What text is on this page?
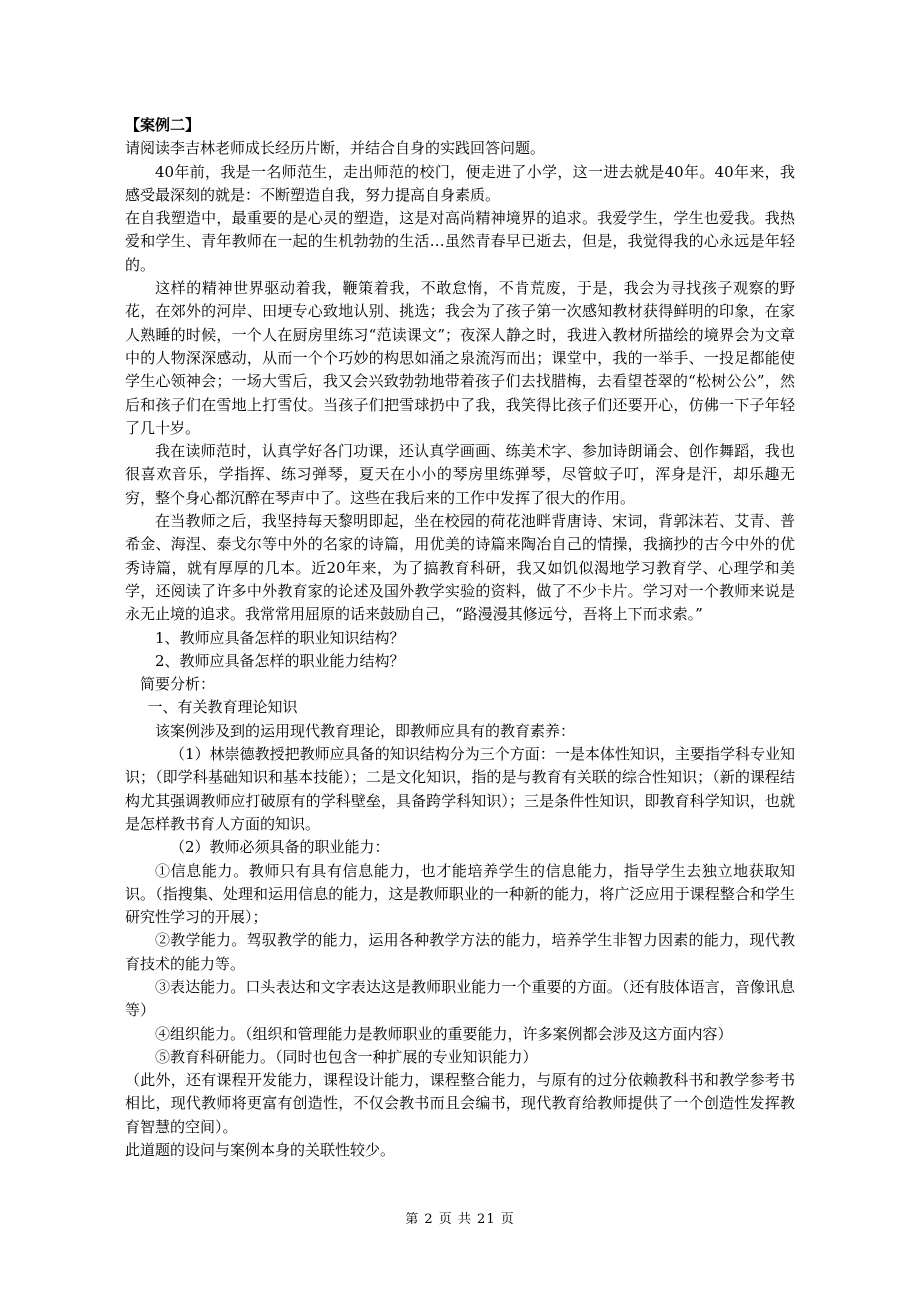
【案例二】

请阅读李吉林老师成长经历片断，并结合自身的实践回答问题。

40年前，我是一名师范生，走出师范的校门，便走进了小学，这一进去就是40年。40年来，我感受最深刻的就是：不断塑造自我，努力提高自身素质。

在自我塑造中，最重要的是心灵的塑造，这是对高尚精神境界的追求。我爱学生，学生也爱我。我热爱和学生、青年教师在一起的生机勃勃的生活…虽然青春早已逝去，但是，我觉得我的心永远是年轻的。

这样的精神世界驱动着我，鞭策着我，不敢怠惰，不肯荒废，于是，我会为寻找孩子观察的野花，在郊外的河岸、田埂专心致地认别、挑选；我会为了孩子第一次感知教材获得鲜明的印象，在家人熟睡的时候，一个人在厨房里练习“范读课文”；夜深人静之时，我进入教材所描绘的境界会为文章中的人物深深感动，从而一个个巧妙的构思如涌之泉流泻而出；课堂中，我的一举手、一投足都能使学生心领神会；一场大雪后，我又会兴致勃勃地带着孩子们去找腊梅，去看望苍翠的“松树公公”，然后和孩子们在雪地上打雪仗。当孩子们把雪球扔中了我，我笑得比孩子们还要开心，仿佛一下子年轻了几十岁。

我在读师范时，认真学好各门功课，还认真学画画、练美术字、参加诗朗诵会、创作舞蹈，我也很喜欢音乐，学指挥、练习弹琴，夏天在小小的琴房里练弹琴，尽管蚊子叮，浑身是汗，却乐趣无穷，整个身心都沉醉在琴声中了。这些在我后来的工作中发挥了很大的作用。

在当教师之后，我坚持每天黎明即起，坐在校园的荷花池畔背唐诗、宋词，背郭沫若、艾青、普希金、海涅、泰戈尔等中外的名家的诗篇，用优美的诗篇来陶冶自己的情操，我摘抄的古今中外的优秀诗篇，就有厚厚的几本。近20年来，为了搞教育科研，我又如饥似渴地学习教育学、心理学和美学，还阅读了许多中外教育家的论述及国外教学实验的资料，做了不少卡片。学习对一个教师来说是永无止境的追求。我常常用屈原的话来鼓励自己，“路漫漫其修远兮，吾将上下而求索。”

1、教师应具备怎样的职业知识结构？

2、教师应具备怎样的职业能力结构？

简要分析：

一、有关教育理论知识

该案例涉及到的运用现代教育理论，即教师应具有的教育素养：

（1）林崇德教授把教师应具备的知识结构分为三个方面：一是本体性知识，主要指学科专业知识；（即学科基础知识和基本技能）；二是文化知识，指的是与教育有关联的综合性知识；（新的课程结构尤其强调教师应打破原有的学科壁垒，具备跨学科知识）；三是条件性知识，即教育科学知识，也就是怎样教书育人方面的知识。

（2）教师必须具备的职业能力：

①信息能力。教师只有具有信息能力，也才能培养学生的信息能力，指导学生去独立地获取知识。（指搜集、处理和运用信息的能力，这是教师职业的一种新的能力，将广泛应用于课程整合和学生研究性学习的开展）；

②教学能力。驾驭教学的能力，运用各种教学方法的能力，培养学生非智力因素的能力，现代教育技术的能力等。

③表达能力。口头表达和文字表达这是教师职业能力一个重要的方面。（还有肢体语言，音像讯息等）

④组织能力。（组织和管理能力是教师职业的重要能力，许多案例都会涉及这方面内容）

⑤教育科研能力。（同时也包含一种扩展的专业知识能力）

（此外，还有课程开发能力，课程设计能力，课程整合能力，与原有的过分依赖教科书和教学参考书相比，现代教师将更富有创造性，不仅会教书而且会编书，现代教育给教师提供了一个创造性发挥教育智慧的空间）。

此道题的设问与案例本身的关联性较少。

第 2 页 共 21 页
